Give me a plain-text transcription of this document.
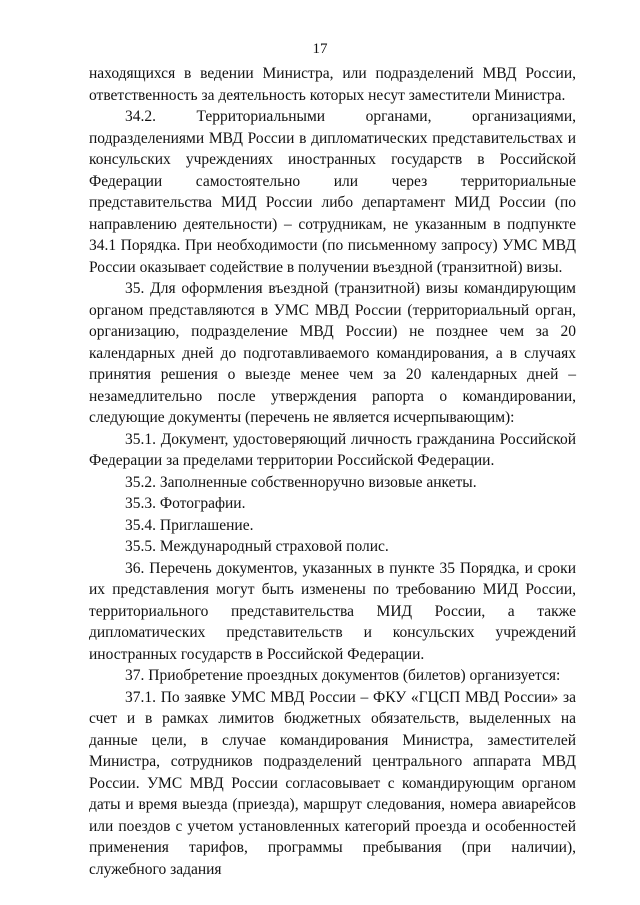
17

находящихся в ведении Министра, или подразделений МВД России, ответственность за деятельность которых несут заместители Министра.

34.2. Территориальными органами, организациями, подразделениями МВД России в дипломатических представительствах и консульских учреждениях иностранных государств в Российской Федерации самостоятельно или через территориальные представительства МИД России либо департамент МИД России (по направлению деятельности) – сотрудникам, не указанным в подпункте 34.1 Порядка. При необходимости (по письменному запросу) УМС МВД России оказывает содействие в получении въездной (транзитной) визы.

35. Для оформления въездной (транзитной) визы командирующим органом представляются в УМС МВД России (территориальный орган, организацию, подразделение МВД России) не позднее чем за 20 календарных дней до подготавливаемого командирования, а в случаях принятия решения о выезде менее чем за 20 календарных дней – незамедлительно после утверждения рапорта о командировании, следующие документы (перечень не является исчерпывающим):

35.1. Документ, удостоверяющий личность гражданина Российской Федерации за пределами территории Российской Федерации.

35.2. Заполненные собственноручно визовые анкеты.

35.3. Фотографии.

35.4. Приглашение.

35.5. Международный страховой полис.

36. Перечень документов, указанных в пункте 35 Порядка, и сроки их представления могут быть изменены по требованию МИД России, территориального представительства МИД России, а также дипломатических представительств и консульских учреждений иностранных государств в Российской Федерации.

37. Приобретение проездных документов (билетов) организуется:

37.1. По заявке УМС МВД России – ФКУ «ГЦСП МВД России» за счет и в рамках лимитов бюджетных обязательств, выделенных на данные цели, в случае командирования Министра, заместителей Министра, сотрудников подразделений центрального аппарата МВД России. УМС МВД России согласовывает с командирующим органом даты и время выезда (приезда), маршрут следования, номера авиарейсов или поездов с учетом установленных категорий проезда и особенностей применения тарифов, программы пребывания (при наличии), служебного задания
